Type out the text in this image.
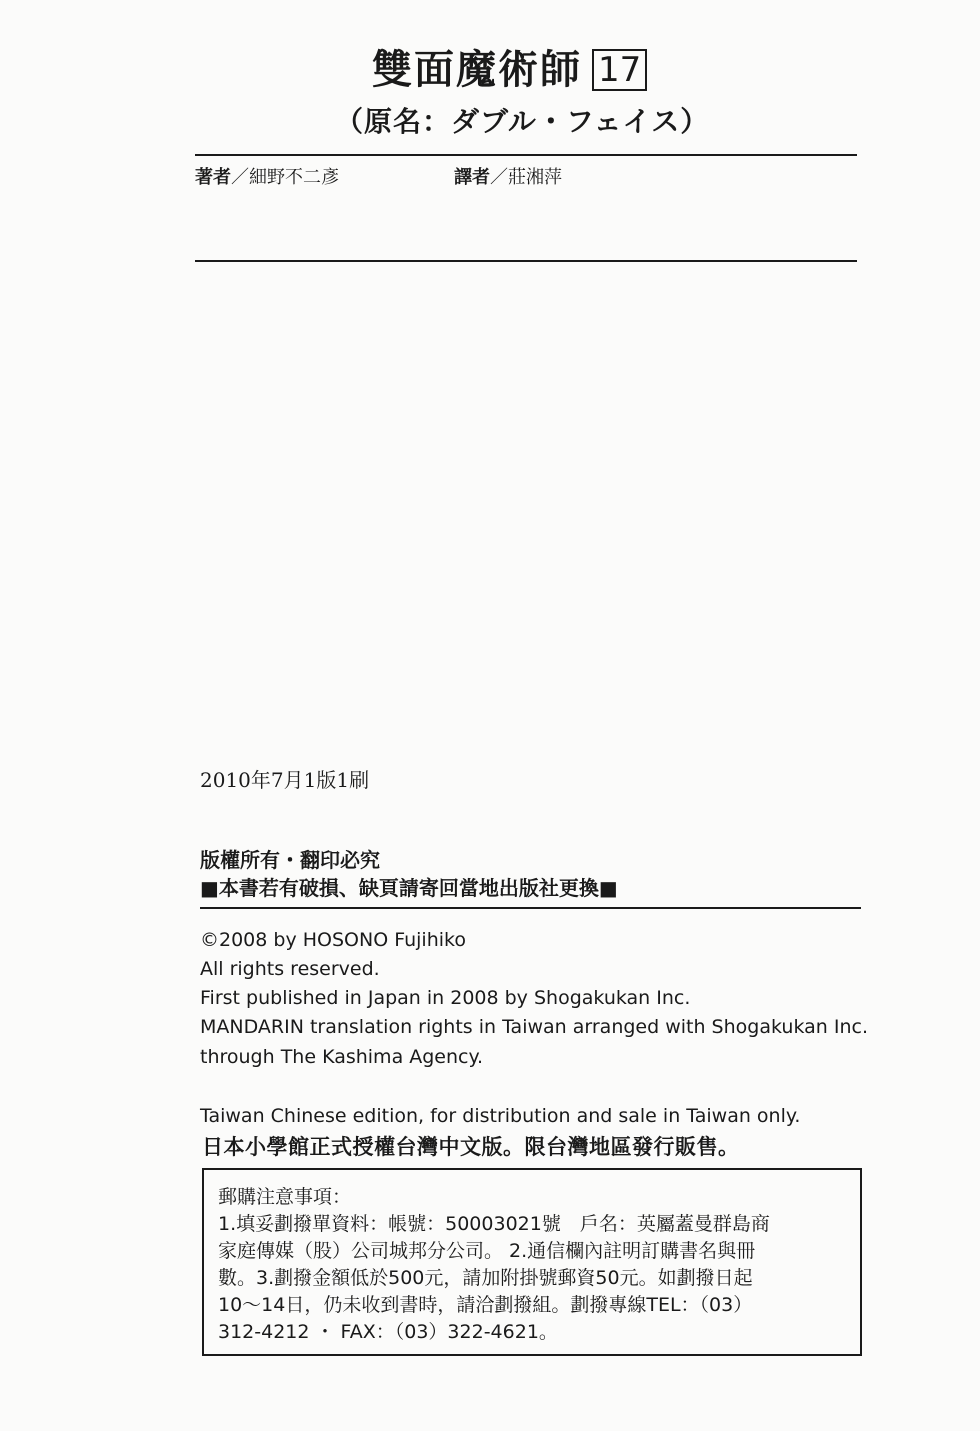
雙面魔術師 17
（原名：ダブル・フェイス）
著者／細野不二彥	譯者／莊湘萍
2010年7月1版1刷
版權所有・翻印必究
■本書若有破損、缺頁請寄回當地出版社更換■
©2008 by HOSONO Fujihiko
All rights reserved.
First published in Japan in 2008 by Shogakukan Inc.
MANDARIN translation rights in Taiwan arranged with Shogakukan Inc.
through The Kashima Agency.
Taiwan Chinese edition, for distribution and sale in Taiwan only.
日本小學館正式授權台灣中文版。限台灣地區發行販售。
郵購注意事項：
1.填妥劃撥單資料：帳號：50003021號　戶名：英屬蓋曼群島商
家庭傳媒（股）公司城邦分公司。 2.通信欄內註明訂購書名與冊
數。3.劃撥金額低於500元，請加附掛號郵資50元。如劃撥日起
10～14日，仍未收到書時，請洽劃撥組。劃撥專線TEL：（03）
312-4212 ・ FAX：（03）322-4621。
